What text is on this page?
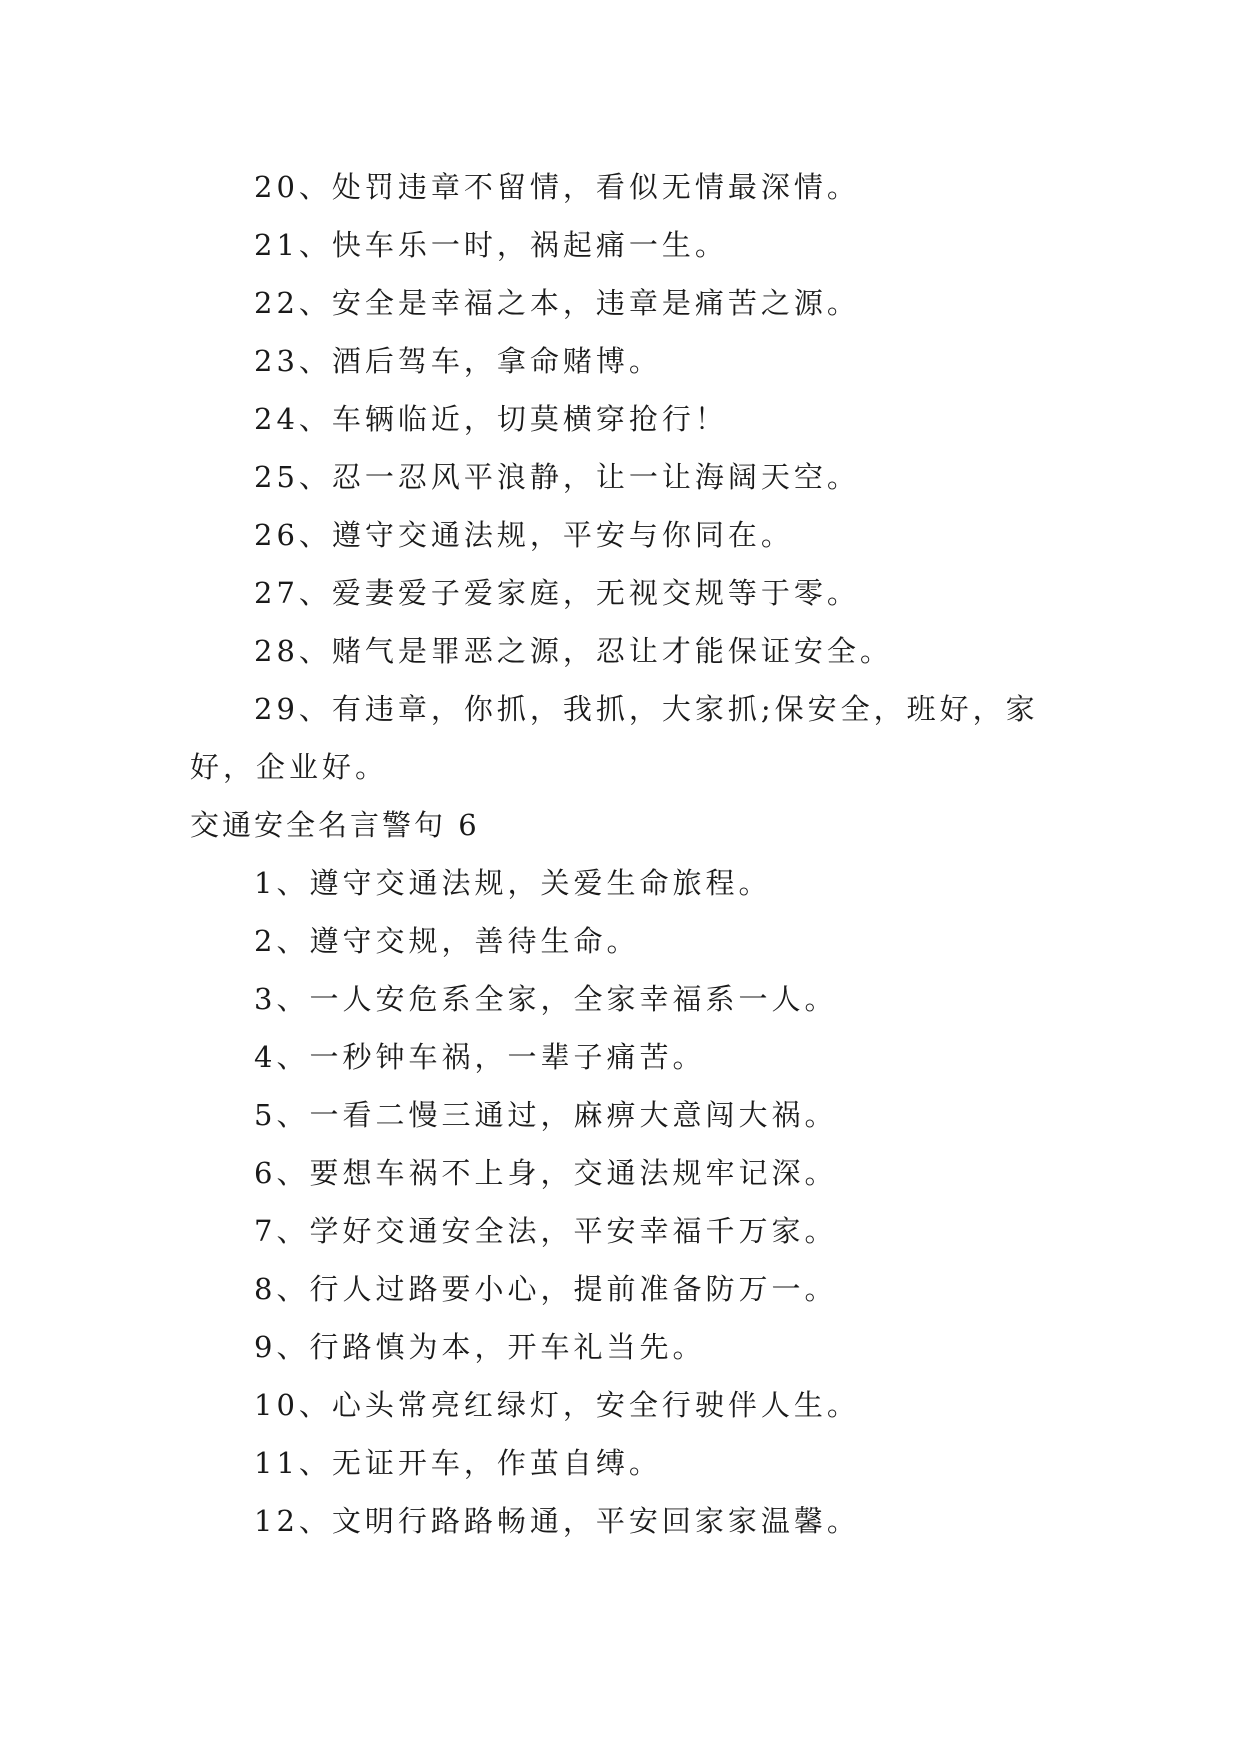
20、处罚违章不留情，看似无情最深情。
21、快车乐一时，祸起痛一生。
22、安全是幸福之本，违章是痛苦之源。
23、酒后驾车，拿命赌博。
24、车辆临近，切莫横穿抢行！
25、忍一忍风平浪静，让一让海阔天空。
26、遵守交通法规，平安与你同在。
27、爱妻爱子爱家庭，无视交规等于零。
28、赌气是罪恶之源，忍让才能保证安全。
29、有违章，你抓，我抓，大家抓;保安全，班好，家好，企业好。
交通安全名言警句 6
1、遵守交通法规，关爱生命旅程。
2、遵守交规，善待生命。
3、一人安危系全家，全家幸福系一人。
4、一秒钟车祸，一辈子痛苦。
5、一看二慢三通过，麻痹大意闯大祸。
6、要想车祸不上身，交通法规牢记深。
7、学好交通安全法，平安幸福千万家。
8、行人过路要小心，提前准备防万一。
9、行路慎为本，开车礼当先。
10、心头常亮红绿灯，安全行驶伴人生。
11、无证开车，作茧自缚。
12、文明行路路畅通，平安回家家温馨。
